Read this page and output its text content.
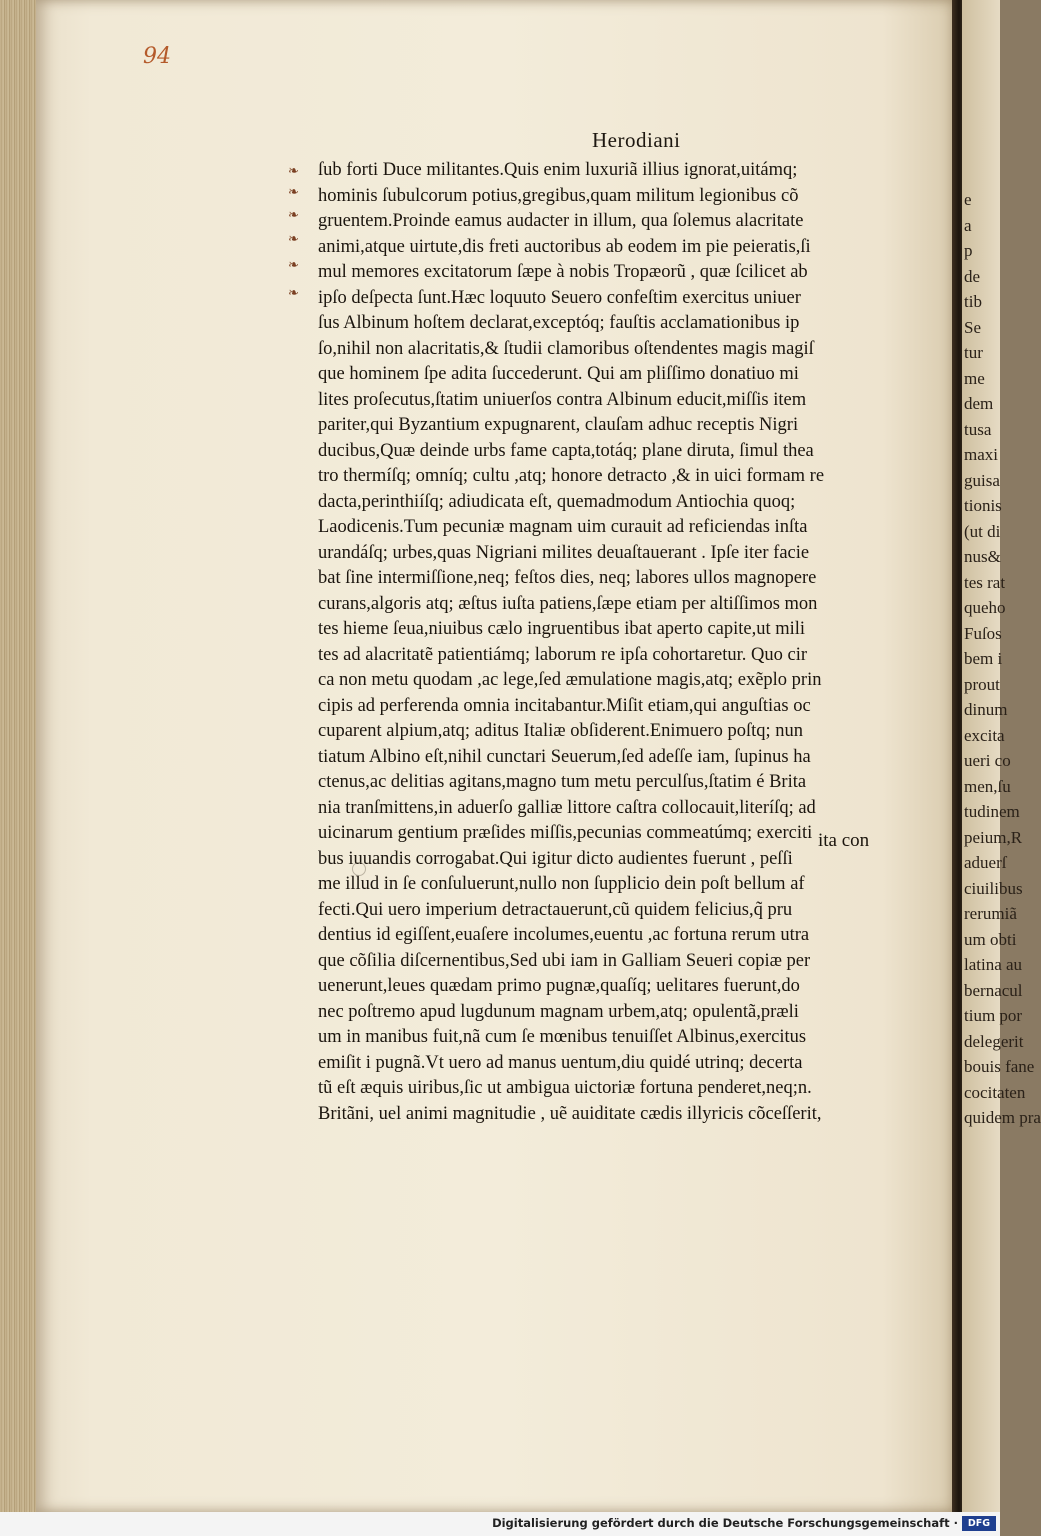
94
Herodiani
❧
❧
❧
❧
❧
❧
ſub forti Duce militantes.Quis enim luxuriã illius ignorat,uitámq;
hominis ſubulcorum potius,gregibus,quam militum legionibus cõ
gruentem.Proinde eamus audacter in illum, qua ſolemus alacritate
animi,atque uirtute,dis freti auctoribus ab eodem im pie peieratis,ſi
mul memores excitatorum ſæpe à nobis Tropæorũ , quæ ſcilicet ab
ipſo deſpecta ſunt.Hæc loquuto Seuero confeſtim exercitus uniuer
ſus Albinum hoſtem declarat,exceptóq; fauſtis acclamationibus ip
ſo,nihil non alacritatis,& ſtudii clamoribus oſtendentes magis magiſ
que hominem ſpe adita ſuccederunt. Qui am pliſſimo donatiuo mi
lites proſecutus,ſtatim uniuerſos contra Albinum educit,miſſis item
pariter,qui Byzantium expugnarent, clauſam adhuc receptis Nigri
ducibus,Quæ deinde urbs fame capta,totáq; plane diruta, ſimul thea
tro thermíſq; omníq; cultu ,atq; honore detracto ,& in uici formam re
dacta,perinthiíſq; adiudicata eſt, quemadmodum Antiochia quoq;
Laodicenis.Tum pecuniæ magnam uim curauit ad reficiendas inſta
urandáſq; urbes,quas Nigriani milites deuaſtauerant . Ipſe iter facie
bat ſine intermiſſione,neq; feſtos dies, neq; labores ullos magnopere
curans,algoris atq; æſtus iuſta patiens,ſæpe etiam per altiſſimos mon
tes hieme ſeua,niuibus cælo ingruentibus ibat aperto capite,ut mili
tes ad alacritatẽ patientiámq; laborum re ipſa cohortaretur. Quo cir
ca non metu quodam ,ac lege,ſed æmulatione magis,atq; exẽplo prin
cipis ad perferenda omnia incitabantur.Miſit etiam,qui anguſtias oc
cuparent alpium,atq; aditus Italiæ obſiderent.Enimuero poſtq; nun
tiatum Albino eſt,nihil cunctari Seuerum,ſed adeſſe iam, ſupinus ha
ctenus,ac delitias agitans,magno tum metu perculſus,ſtatim é Brita
nia tranſmittens,in aduerſo galliæ littore caſtra collocauit,literíſq; ad
uicinarum gentium præſides miſſis,pecunias commeatúmq; exerciti
bus iuuandis corrogabat.Qui igitur dicto audientes fuerunt , peſſi
me illud in ſe conſuluerunt,nullo non ſupplicio dein poſt bellum af
fecti.Qui uero imperium detractauerunt,cũ quidem felicius,q̃ pru
dentius id egiſſent,euaſere incolumes,euentu ,ac fortuna rerum utra
que cõſilia diſcernentibus,Sed ubi iam in Galliam Seueri copiæ per
uenerunt,leues quædam primo pugnæ,quaſíq; uelitares fuerunt,do
nec poſtremo apud lugdunum magnam urbem,atq; opulentã,præli
um in manibus fuit,nã cum ſe mœnibus tenuiſſet Albinus,exercitus
emiſit i pugnã.Vt uero ad manus uentum,diu quidé utrinq; decerta
tũ eſt æquis uiribus,ſic ut ambigua uictoriæ fortuna penderet,neq;n.
Britãni, uel animi magnitudie , uẽ auiditate cædis illyricis cõceſſerit,
ita con
e
a
p
de
tib
Se
tur
me
dem
tusa
maxi
guisa
tionis
(ut di
nus&
tes rat
queho
Fuſos
bem i
prout
dinum
excita
ueri co
men,ſu
tudinem
peium,R
aduerſ
ciuilibus
rerumiã
um obti
latina au
bernacul
tium por
delegerit
bouis fane
cocitaten
quidem pra
Digitalisierung gefördert durch die Deutsche Forschungsgemeinschaft ·	DFG
